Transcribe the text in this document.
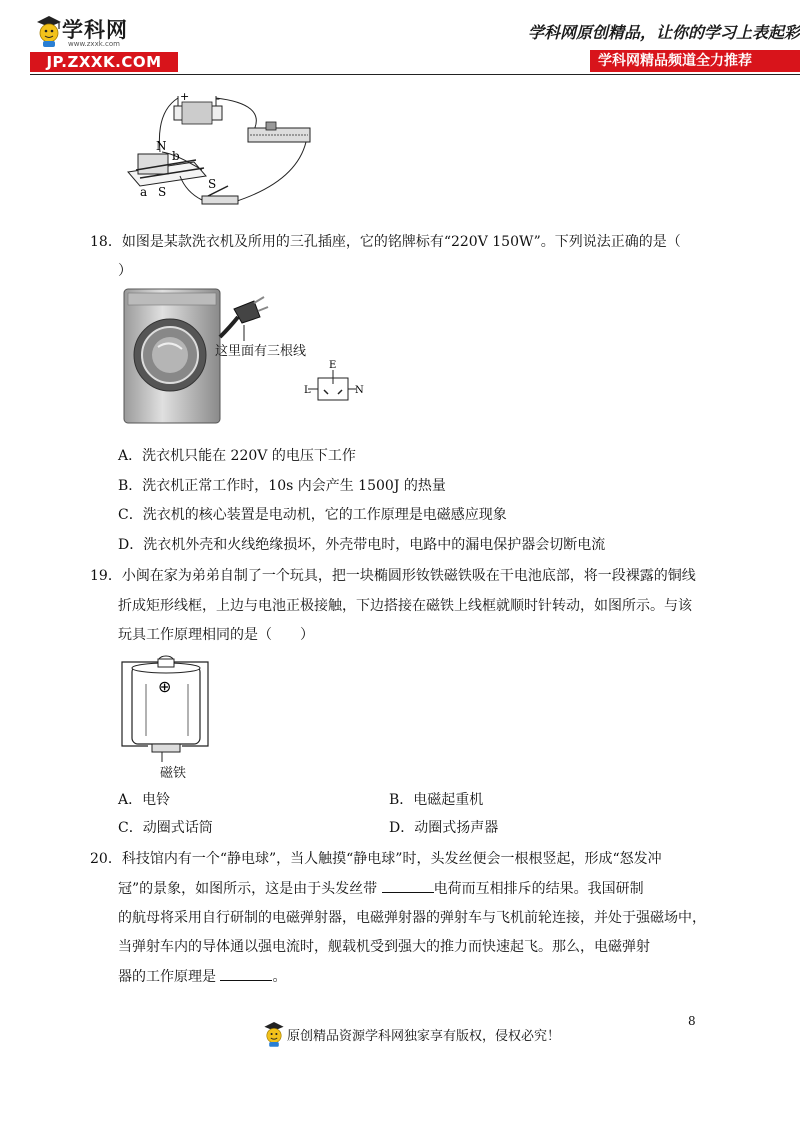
学科网
www.zxxk.com
JP.ZXXK.COM
学科网原创精品，让你的学习上表起彩
学科网精品频道全力推荐
+ -
N
b
a S
S
18．如图是某款洗衣机及所用的三孔插座，它的铭牌标有“220V 150W”。下列说法正确的是（
）
这里面有三根线
E
L	N
A．洗衣机只能在 220V 的电压下工作
B．洗衣机正常工作时，10s 内会产生 1500J 的热量
C．洗衣机的核心装置是电动机，它的工作原理是电磁感应现象
D．洗衣机外壳和火线绝缘损坏，外壳带电时，电路中的漏电保护器会切断电流
19．小闽在家为弟弟自制了一个玩具，把一块椭圆形钕铁磁铁吸在干电池底部，将一段裸露的铜线
折成矩形线框，上边与电池正极接触，下边搭接在磁铁上线框就顺时针转动，如图所示。与该
玩具工作原理相同的是（　　）
⊕
磁铁
A．电铃	B．电磁起重机
C．动圈式话筒	D．动圈式扬声器
20．科技馆内有一个“静电球”，当人触摸“静电球”时，头发丝便会一根根竖起，形成“怒发冲
冠”的景象，如图所示，这是由于头发丝带	电荷而互相排斥的结果。我国研制
的航母将采用自行研制的电磁弹射器，电磁弹射器的弹射车与飞机前轮连接，并处于强磁场中，
当弹射车内的导体通以强电流时，舰载机受到强大的推力而快速起飞。那么，电磁弹射
器的工作原理是	。
8
原创精品资源学科网独家享有版权，侵权必究！
